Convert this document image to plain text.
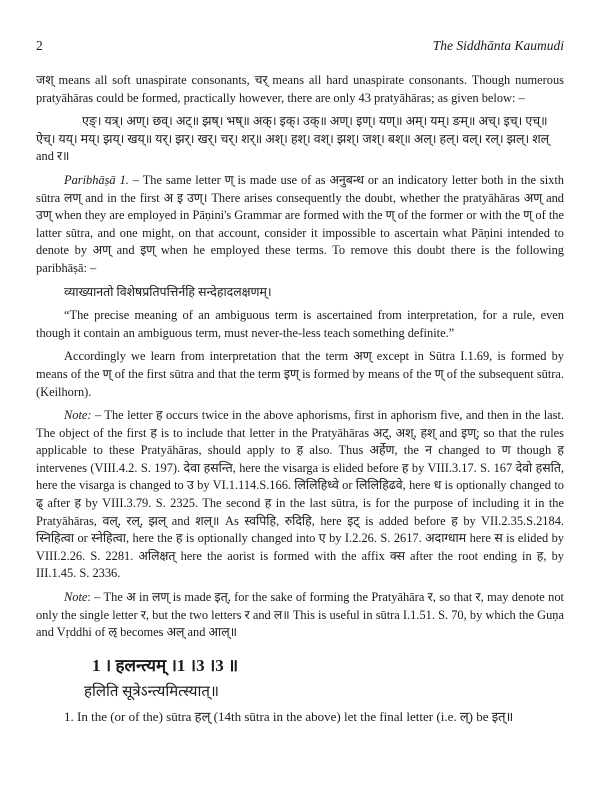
2	The Siddhānta Kaumudi

जश् means all soft unaspirate consonants, चर् means all hard unaspirate consonants. Though numerous pratyāhāras could be formed, practically however, there are only 43 pratyāhāras; as given below: –

एङ्। यत्र्। अण्। छव्। अट्॥ झष्। भष्॥ अक्। इक्। उक्॥ अण्। इण्। यण्॥ अम्। यम्। ङम्॥ अच्। इच्। एच्॥
ऐच्। यय्। मय्। झय्। खय्॥ यर्। झर्। खर्। चर्। शर्॥ अश्। हश्। वश्। झश्। जश्। बश्॥ अल्। हल्। वल्। रल्। झल्। शल्
and र॥

Paribhāṣā 1. – The same letter ण् is made use of as अनुबन्ध or an indicatory letter both in the sixth sūtra लण् and in the first अ इ उण्। There arises consequently the doubt, whether the pratyāhāras अण् and उण् when they are employed in Pāṇini's Grammar are formed with the ण् of the former or with the ण् of the latter sūtra, and one might, on that account, consider it impossible to ascertain what Pāṇini intended to denote by अण् and इण् when he employed these terms. To remove this doubt there is the following paribhāṣā: –

व्याख्यानतो विशेषप्रतिपत्तिर्नहि सन्देहादलक्षणम्।

“The precise meaning of an ambiguous term is ascertained from interpretation, for a rule, even though it contain an ambiguous term, must never-the-less teach something definite.”

Accordingly we learn from interpretation that the term अण् except in Sūtra I.1.69, is formed by means of the ण् of the first sūtra and that the term इण् is formed by means of the ण् of the subsequent sūtra. (Keilhorn).

Note: – The letter ह occurs twice in the above aphorisms, first in aphorism five, and then in the last. The object of the first ह is to include that letter in the Pratyāhāras अट्, अश्, हश् and इण्; so that the rules applicable to these Pratyāhāras, should apply to ह also. Thus अर्हेण, the न changed to ण though ह intervenes (VIII.4.2. S. 197). देवा हसन्ति, here the visarga is elided before ह by VIII.3.17. S. 167 देवो हसति, here the visarga is changed to उ by VI.1.114.S.166. लिलिहिध्वे or लिलिहिढवे, here ध is optionally changed to ढ् after ह by VIII.3.79. S. 2325. The second ह in the last sūtra, is for the purpose of including it in the Pratyāhāras, वल्, रल्, झल् and शल्॥ As स्वपिहि, रुदिहि, here इट् is added before ह by VII.2.35.S.2184. स्निहित्वा or स्नेहित्वा, here the ह is optionally changed into ए by I.2.26. S. 2617. अदाग्धाम here स is elided by VIII.2.26. S. 2281. अलिक्षत् here the aorist is formed with the affix क्स after the root ending in ह, by III.1.45. S. 2336.

Note: – The अ in लण् is made इत्, for the sake of forming the Pratyāhāra र, so that र, may denote not only the single letter र, but the two letters र and ल॥ This is useful in sūtra I.1.51. S. 70, by which the Guṇa and Vṛddhi of ऌ becomes अल् and आल्॥

1 । हलन्त्यम् ।1 ।3 ।3 ॥
हलिति सूत्रेऽन्त्यमित्स्यात्॥

1. In the (or of the) sūtra हल् (14th sūtra in the above) let the final letter (i.e. ल्) be इत्॥
